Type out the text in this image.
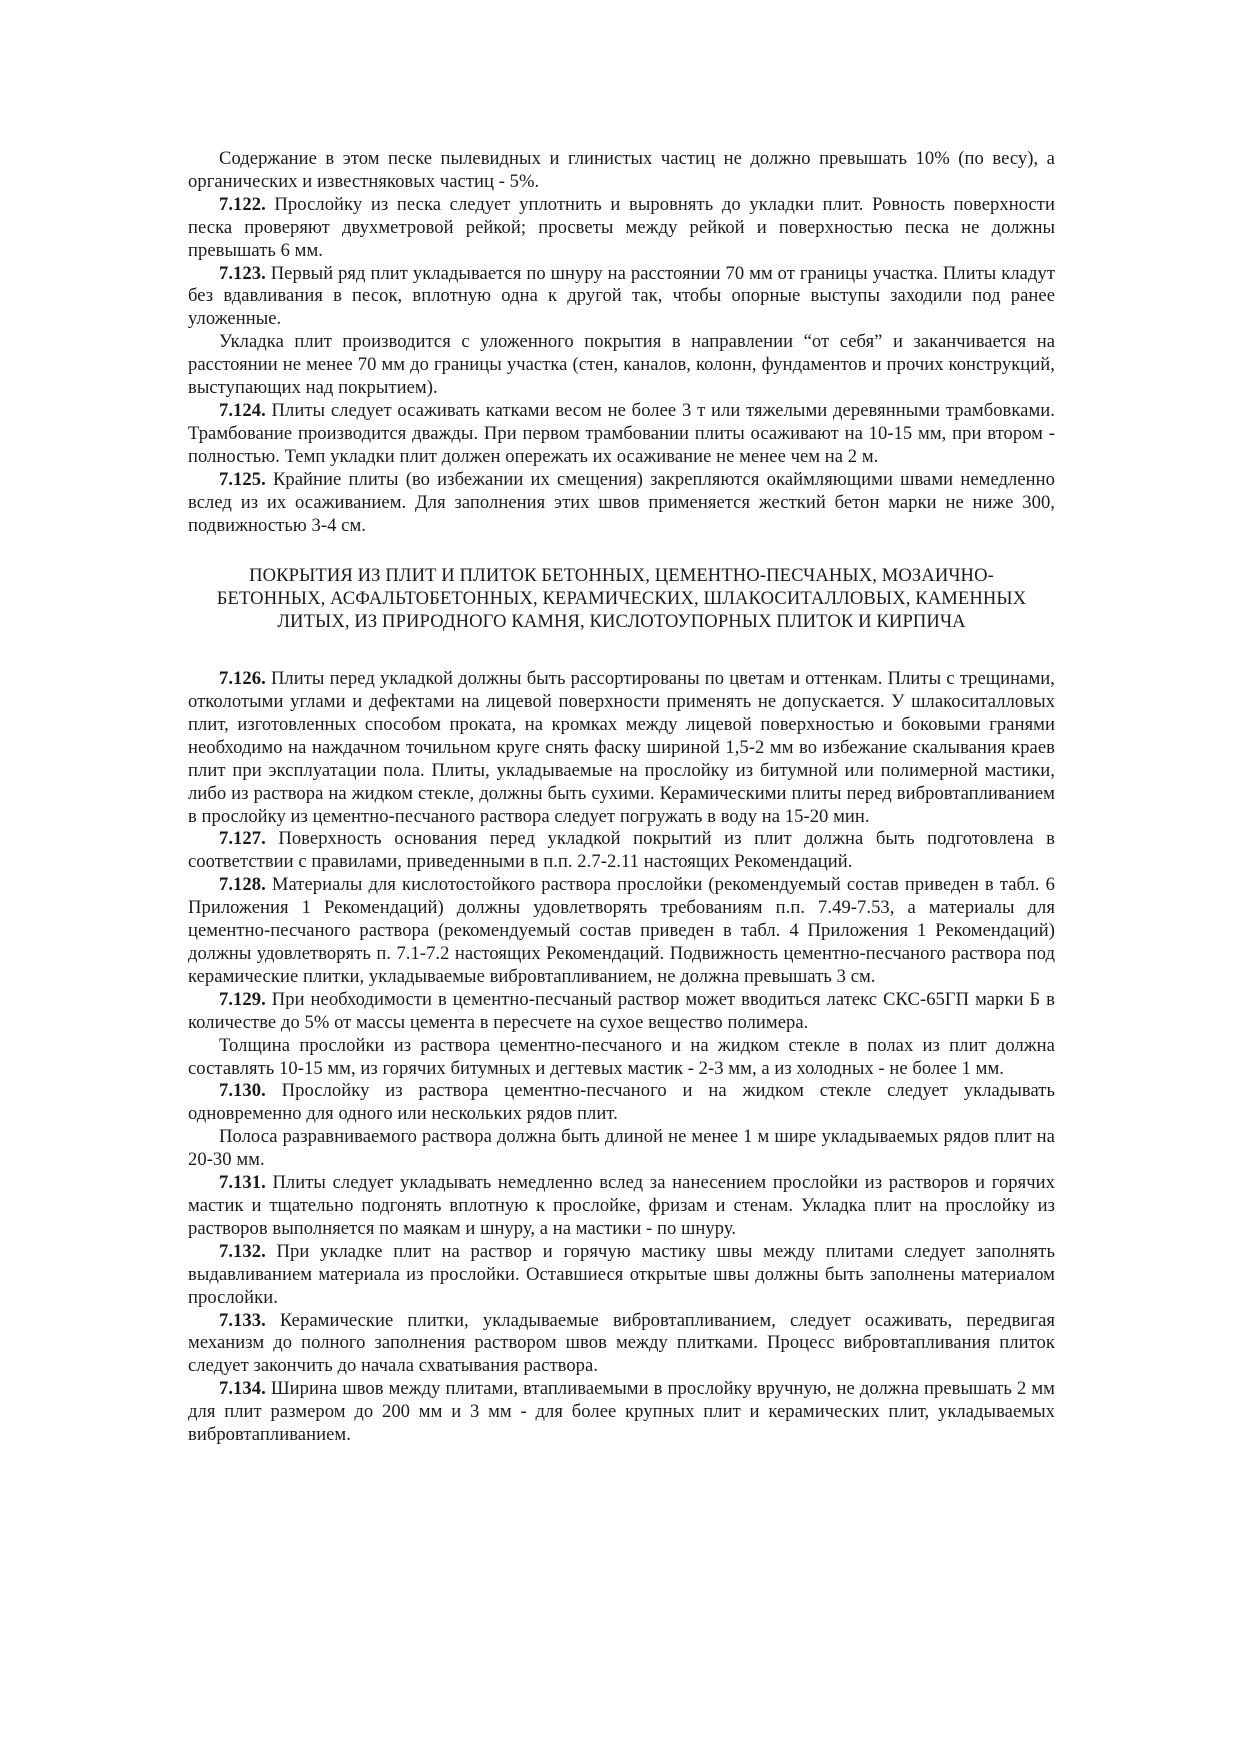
Содержание в этом песке пылевидных и глинистых частиц не должно превышать 10% (по весу), а органических и известняковых частиц - 5%.

7.122. Прослойку из песка следует уплотнить и выровнять до укладки плит. Ровность поверхности песка проверяют двухметровой рейкой; просветы между рейкой и поверхностью песка не должны превышать 6 мм.

7.123. Первый ряд плит укладывается по шнуру на расстоянии 70 мм от границы участка. Плиты кладут без вдавливания в песок, вплотную одна к другой так, чтобы опорные выступы заходили под ранее уложенные.

Укладка плит производится с уложенного покрытия в направлении “от себя” и заканчивается на расстоянии не менее 70 мм до границы участка (стен, каналов, колонн, фундаментов и прочих конструкций, выступающих над покрытием).

7.124. Плиты следует осаживать катками весом не более 3 т или тяжелыми деревянными трамбовками. Трамбование производится дважды. При первом трамбовании плиты осаживают на 10-15 мм, при втором - полностью. Темп укладки плит должен опережать их осаживание не менее чем на 2 м.

7.125. Крайние плиты (во избежании их смещения) закрепляются окаймляющими швами немедленно вслед из их осаживанием. Для заполнения этих швов применяется жесткий бетон марки не ниже 300, подвижностью 3-4 см.

ПОКРЫТИЯ ИЗ ПЛИТ И ПЛИТОК БЕТОННЫХ, ЦЕМЕНТНО-ПЕСЧАНЫХ, МОЗАИЧНО-БЕТОННЫХ, АСФАЛЬТОБЕТОННЫХ, КЕРАМИЧЕСКИХ, ШЛАКОСИТАЛЛОВЫХ, КАМЕННЫХ ЛИТЫХ, ИЗ ПРИРОДНОГО КАМНЯ, КИСЛОТОУПОРНЫХ ПЛИТОК И КИРПИЧА

7.126. Плиты перед укладкой должны быть рассортированы по цветам и оттенкам. Плиты с трещинами, отколотыми углами и дефектами на лицевой поверхности применять не допускается. У шлакоситалловых плит, изготовленных способом проката, на кромках между лицевой поверхностью и боковыми гранями необходимо на наждачном точильном круге снять фаску шириной 1,5-2 мм во избежание скалывания краев плит при эксплуатации пола. Плиты, укладываемые на прослойку из битумной или полимерной мастики, либо из раствора на жидком стекле, должны быть сухими. Керамическими плиты перед вибровтапливанием в прослойку из цементно-песчаного раствора следует погружать в воду на 15-20 мин.

7.127. Поверхность основания перед укладкой покрытий из плит должна быть подготовлена в соответствии с правилами, приведенными в п.п. 2.7-2.11 настоящих Рекомендаций.

7.128. Материалы для кислотостойкого раствора прослойки (рекомендуемый состав приведен в табл. 6 Приложения 1 Рекомендаций) должны удовлетворять требованиям п.п. 7.49-7.53, а материалы для цементно-песчаного раствора (рекомендуемый состав приведен в табл. 4 Приложения 1 Рекомендаций) должны удовлетворять п. 7.1-7.2 настоящих Рекомендаций. Подвижность цементно-песчаного раствора под керамические плитки, укладываемые вибровтапливанием, не должна превышать 3 см.

7.129. При необходимости в цементно-песчаный раствор может вводиться латекс СКС-65ГП марки Б в количестве до 5% от массы цемента в пересчете на сухое вещество полимера.

Толщина прослойки из раствора цементно-песчаного и на жидком стекле в полах из плит должна составлять 10-15 мм, из горячих битумных и дегтевых мастик - 2-3 мм, а из холодных - не более 1 мм.

7.130. Прослойку из раствора цементно-песчаного и на жидком стекле следует укладывать одновременно для одного или нескольких рядов плит.

Полоса разравниваемого раствора должна быть длиной не менее 1 м шире укладываемых рядов плит на 20-30 мм.

7.131. Плиты следует укладывать немедленно вслед за нанесением прослойки из растворов и горячих мастик и тщательно подгонять вплотную к прослойке, фризам и стенам. Укладка плит на прослойку из растворов выполняется по маякам и шнуру, а на мастики - по шнуру.

7.132. При укладке плит на раствор и горячую мастику швы между плитами следует заполнять выдавливанием материала из прослойки. Оставшиеся открытые швы должны быть заполнены материалом прослойки.

7.133. Керамические плитки, укладываемые вибровтапливанием, следует осаживать, передвигая механизм до полного заполнения раствором швов между плитками. Процесс вибровтапливания плиток следует закончить до начала схватывания раствора.

7.134. Ширина швов между плитами, втапливаемыми в прослойку вручную, не должна превышать 2 мм для плит размером до 200 мм и 3 мм - для более крупных плит и керамических плит, укладываемых вибровтапливанием.
